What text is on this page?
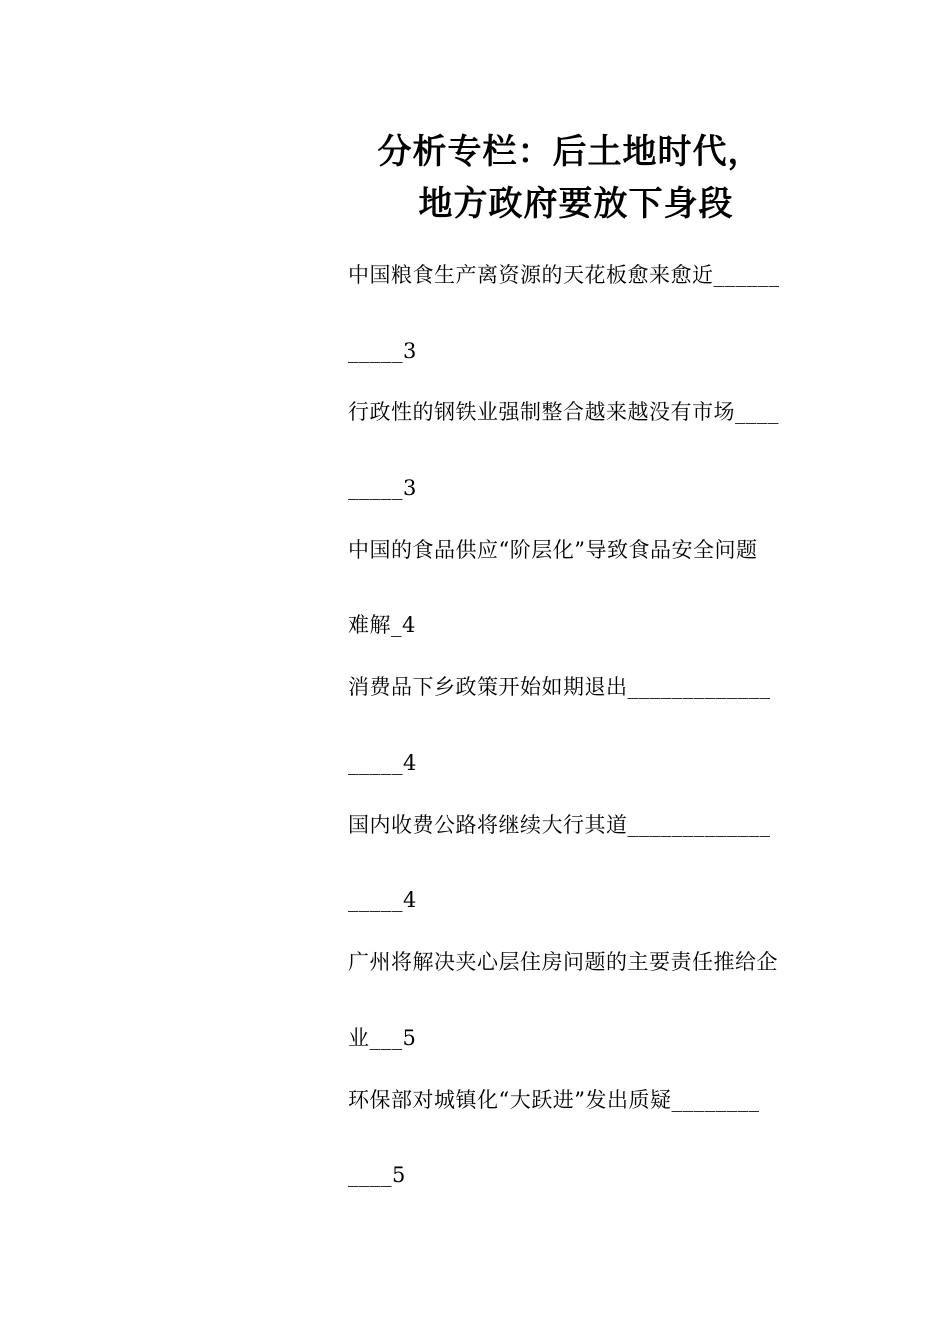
分析专栏：后土地时代，
地方政府要放下身段
中国粮食生产离资源的天花板愈来愈近______
_____3
行政性的钢铁业强制整合越来越没有市场____
_____3
中国的食品供应“阶层化”导致食品安全问题
难解_4
消费品下乡政策开始如期退出_____________
_____4
国内收费公路将继续大行其道_____________
_____4
广州将解决夹心层住房问题的主要责任推给企
业___5
环保部对城镇化“大跃进”发出质疑________
____5
